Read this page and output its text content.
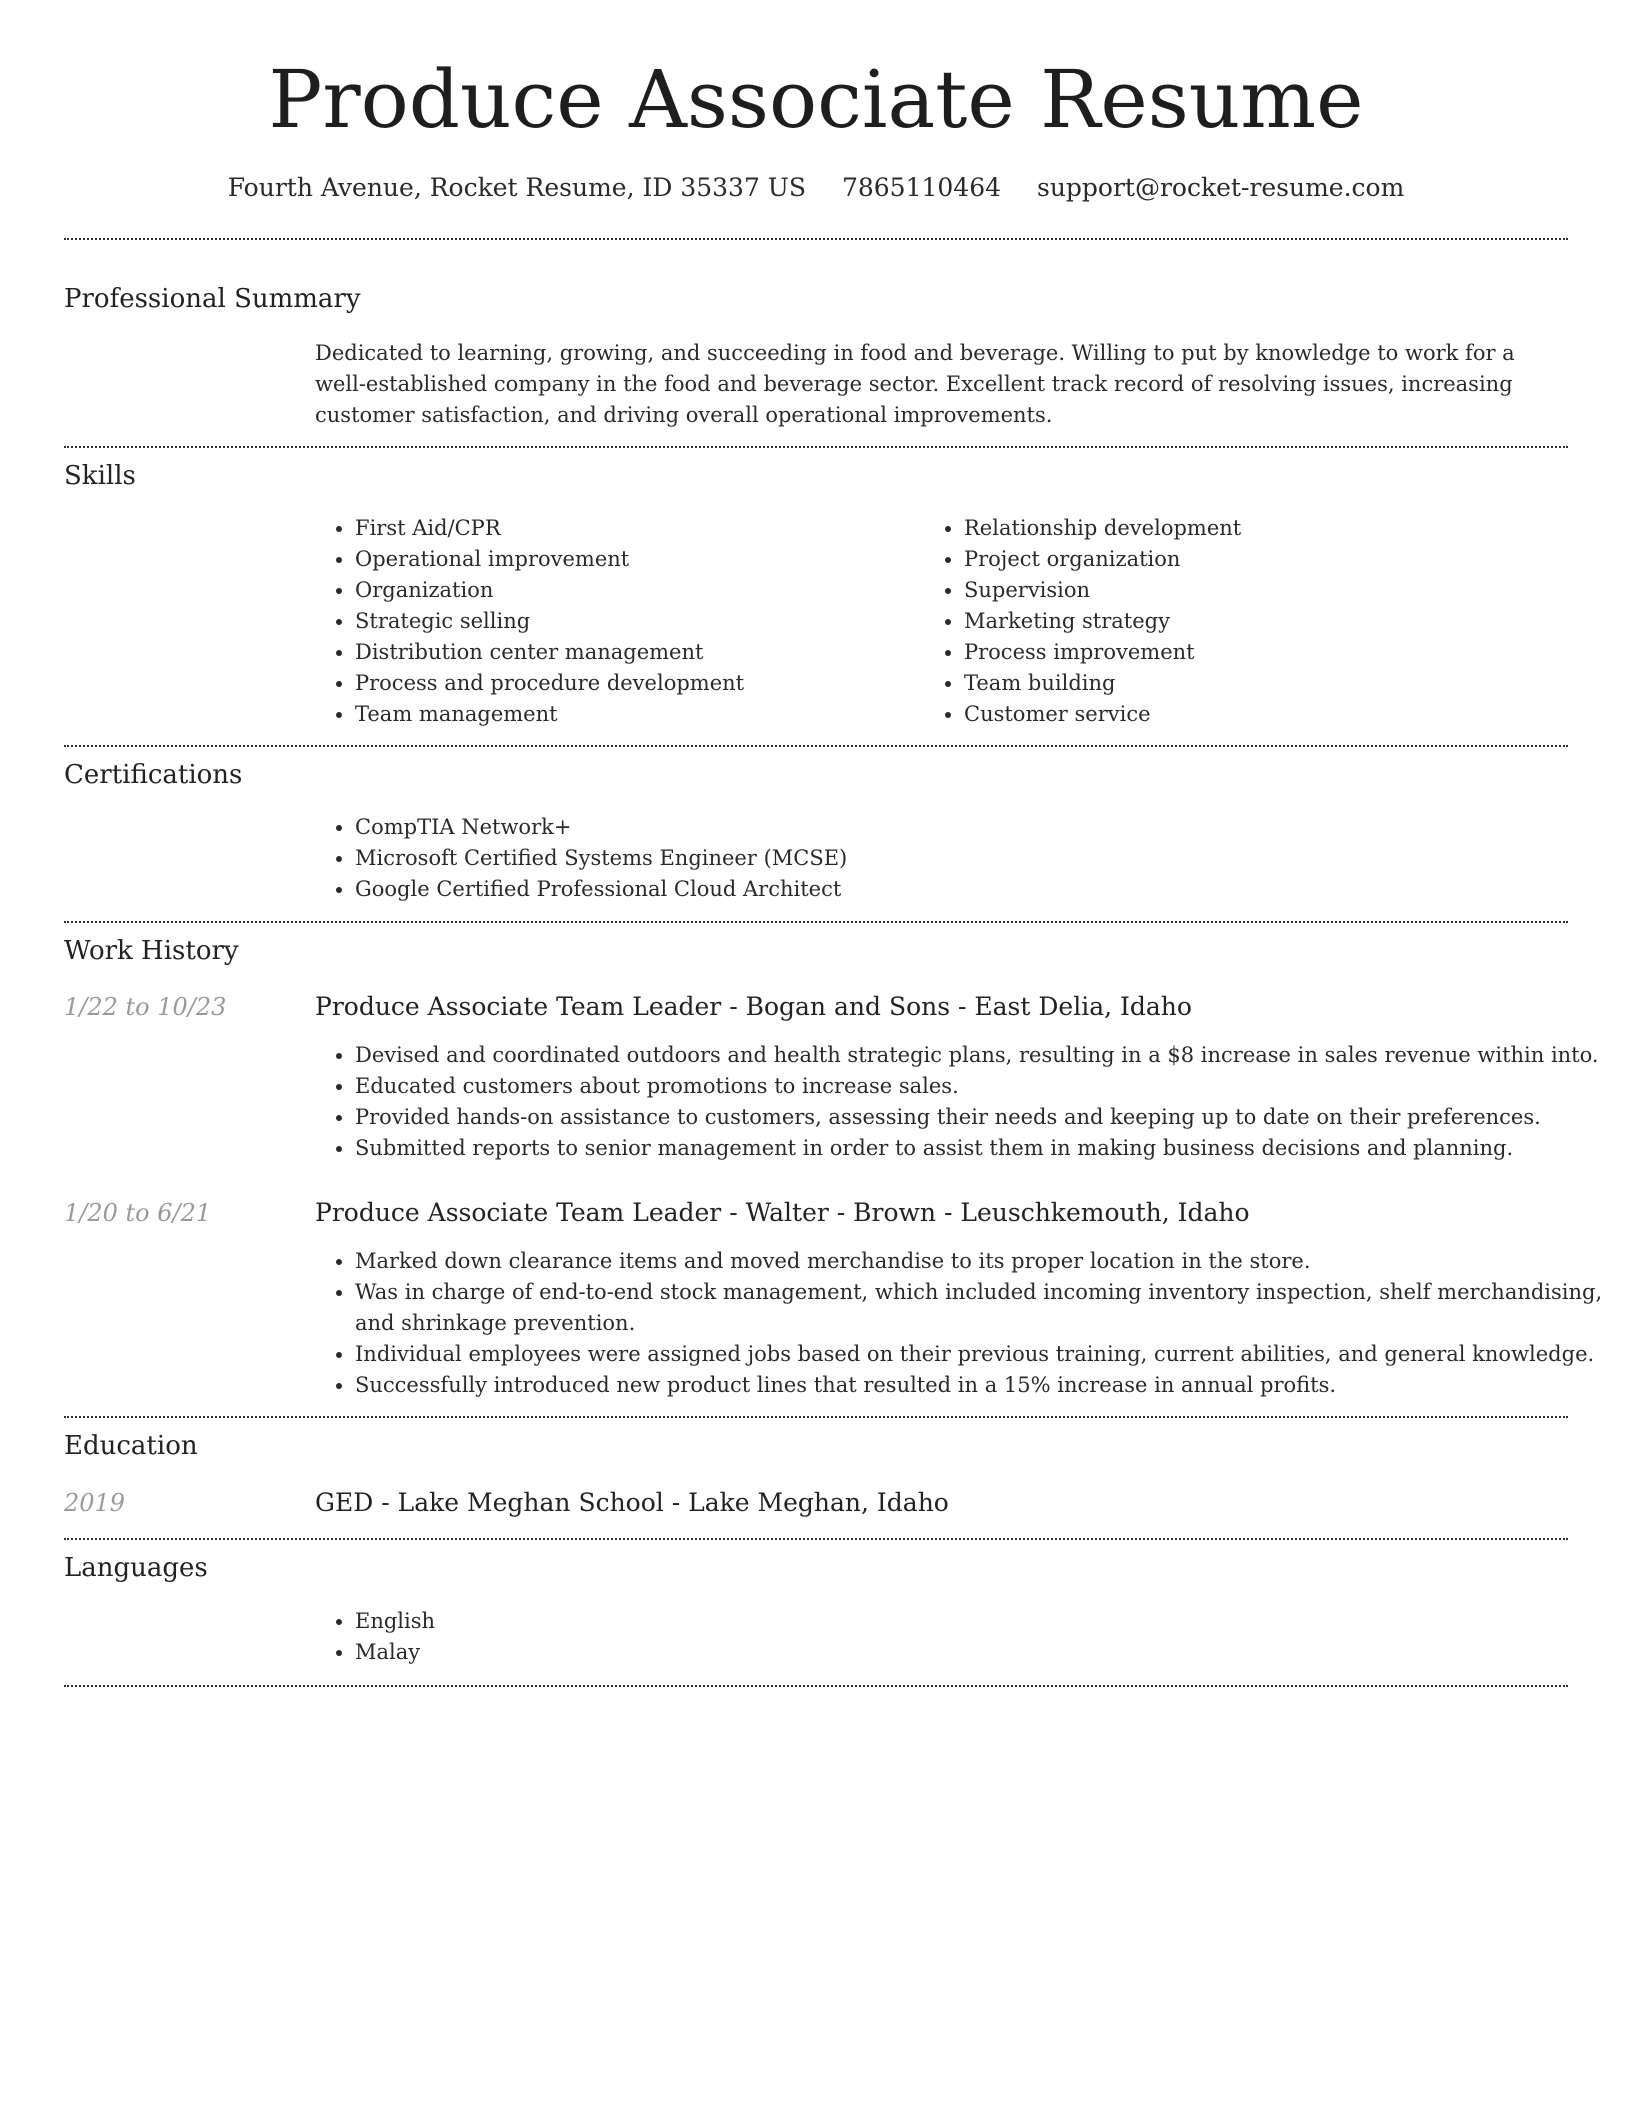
Produce Associate Resume
Fourth Avenue, Rocket Resume, ID 35337 US 7865110464 support@rocket-resume.com
Professional Summary
Dedicated to learning, growing, and succeeding in food and beverage. Willing to put by knowledge to work for a well-established company in the food and beverage sector. Excellent track record of resolving issues, increasing customer satisfaction, and driving overall operational improvements.
Skills
• First Aid/CPR
• Operational improvement
• Organization
• Strategic selling
• Distribution center management
• Process and procedure development
• Team management
• Relationship development
• Project organization
• Supervision
• Marketing strategy
• Process improvement
• Team building
• Customer service
Certifications
• CompTIA Network+
• Microsoft Certified Systems Engineer (MCSE)
• Google Certified Professional Cloud Architect
Work History
1/22 to 10/23	Produce Associate Team Leader - Bogan and Sons - East Delia, Idaho
• Devised and coordinated outdoors and health strategic plans, resulting in a $8 increase in sales revenue within into.
• Educated customers about promotions to increase sales.
• Provided hands-on assistance to customers, assessing their needs and keeping up to date on their preferences.
• Submitted reports to senior management in order to assist them in making business decisions and planning.
1/20 to 6/21	Produce Associate Team Leader - Walter - Brown - Leuschkemouth, Idaho
• Marked down clearance items and moved merchandise to its proper location in the store.
• Was in charge of end-to-end stock management, which included incoming inventory inspection, shelf merchandising, and shrinkage prevention.
• Individual employees were assigned jobs based on their previous training, current abilities, and general knowledge.
• Successfully introduced new product lines that resulted in a 15% increase in annual profits.
Education
2019	GED - Lake Meghan School - Lake Meghan, Idaho
Languages
• English
• Malay
